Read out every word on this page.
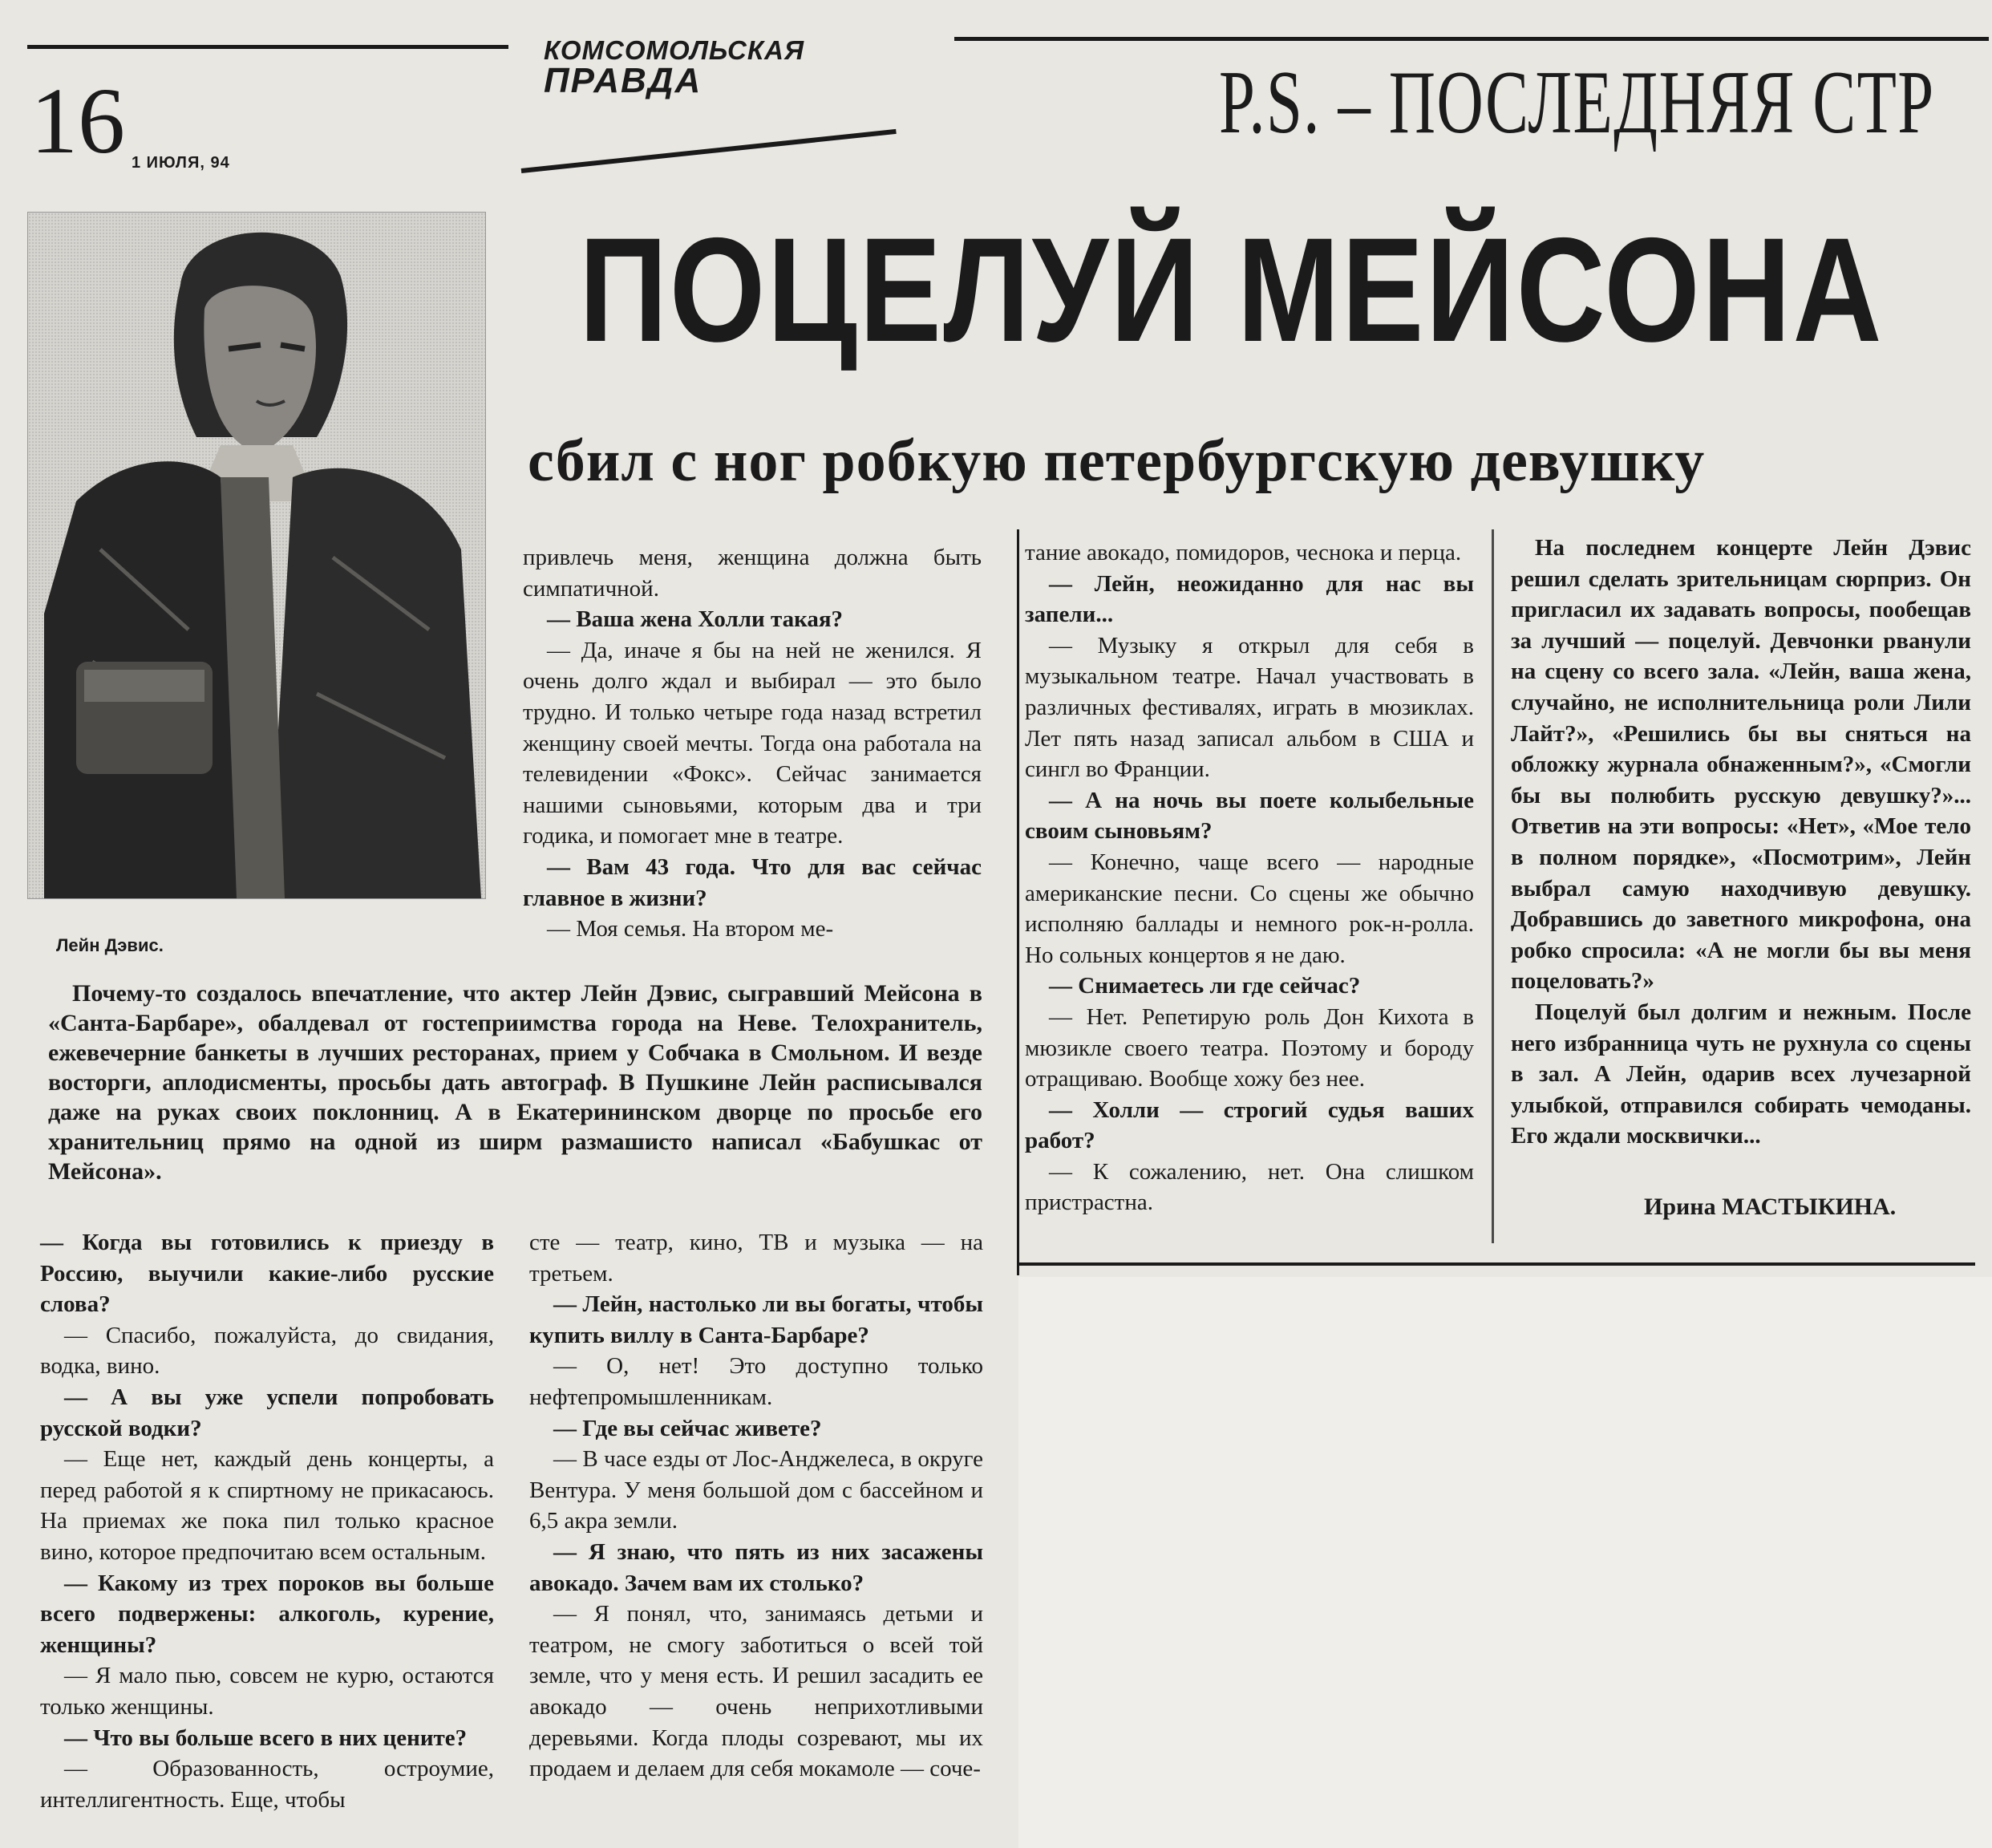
16 1 ИЮЛЯ, 94
КОМСОМОЛЬСКАЯ
ПРАВДА	P.S. – ПОСЛЕДНЯЯ СТР
Лейн Дэвис.
ПОЦЕЛУЙ МЕЙСОНА
сбил с ног робкую петербургскую девушку

привлечь меня, женщина должна быть симпатичной.

— Ваша жена Холли такая?

— Да, иначе я бы на ней не женился. Я очень долго ждал и выбирал — это было трудно. И только четыре года назад встретил женщину своей мечты. Тогда она работала на телевидении «Фокс». Сейчас занимается нашими сыновьями, которым два и три годика, и помогает мне в театре.

— Вам 43 года. Что для вас сейчас главное в жизни?

— Моя семья. На втором ме-

Почему-то создалось впечатление, что актер Лейн Дэвис, сыгравший Мейсона в «Санта-Барбаре», обалдевал от гостеприимства города на Неве. Телохранитель, ежевечерние банкеты в лучших ресторанах, прием у Собчака в Смольном. И везде восторги, аплодисменты, просьбы дать автограф. В Пушкине Лейн расписывался даже на руках своих поклонниц. А в Екатерининском дворце по просьбе его хранительниц прямо на одной из ширм размашисто написал «Бабушкас от Мейсона».

— Когда вы готовились к приезду в Россию, выучили какие-либо русские слова?

— Спасибо, пожалуйста, до свидания, водка, вино.

— А вы уже успели попробовать русской водки?

— Еще нет, каждый день концерты, а перед работой я к спиртному не прикасаюсь. На приемах же пока пил только красное вино, которое предпочитаю всем остальным.

— Какому из трех пороков вы больше всего подвержены: алкоголь, курение, женщины?

— Я мало пью, совсем не курю, остаются только женщины.

— Что вы больше всего в них цените?

— Образованность, остроумие, интеллигентность. Еще, чтобы

сте — театр, кино, ТВ и музыка — на третьем.

— Лейн, настолько ли вы богаты, чтобы купить виллу в Санта-Барбаре?

— О, нет! Это доступно только нефтепромышленникам.

— Где вы сейчас живете?

— В часе езды от Лос-Анджелеса, в округе Вентура. У меня большой дом с бассейном и 6,5 акра земли.

— Я знаю, что пять из них засажены авокадо. Зачем вам их столько?

— Я понял, что, занимаясь детьми и театром, не смогу заботиться о всей той земле, что у меня есть. И решил засадить ее авокадо — очень неприхотливыми деревьями. Когда плоды созревают, мы их продаем и делаем для себя мокамоле — соче-

тание авокадо, помидоров, чеснока и перца.

— Лейн, неожиданно для нас вы запели...

— Музыку я открыл для себя в музыкальном театре. Начал участвовать в различных фестивалях, играть в мюзиклах. Лет пять назад записал альбом в США и сингл во Франции.

— А на ночь вы поете колыбельные своим сыновьям?

— Конечно, чаще всего — народные американские песни. Со сцены же обычно исполняю баллады и немного рок-н-ролла. Но сольных концертов я не даю.

— Снимаетесь ли где сейчас?

— Нет. Репетирую роль Дон Кихота в мюзикле своего театра. Поэтому и бороду отращиваю. Вообще хожу без нее.

— Холли — строгий судья ваших работ?

— К сожалению, нет. Она слишком пристрастна.

На последнем концерте Лейн Дэвис решил сделать зрительницам сюрприз. Он пригласил их задавать вопросы, пообещав за лучший — поцелуй. Девчонки рванули на сцену со всего зала. «Лейн, ваша жена, случайно, не исполнительница роли Лили Лайт?», «Решились бы вы сняться на обложку журнала обнаженным?», «Смогли бы вы полюбить русскую девушку?»... Ответив на эти вопросы: «Нет», «Мое тело в полном порядке», «Посмотрим», Лейн выбрал самую находчивую девушку. Добравшись до заветного микрофона, она робко спросила: «А не могли бы вы меня поцеловать?»

Поцелуй был долгим и нежным. После него избранница чуть не рухнула со сцены в зал. А Лейн, одарив всех лучезарной улыбкой, отправился собирать чемоданы. Его ждали москвички...

Ирина МАСТЫКИНА.
